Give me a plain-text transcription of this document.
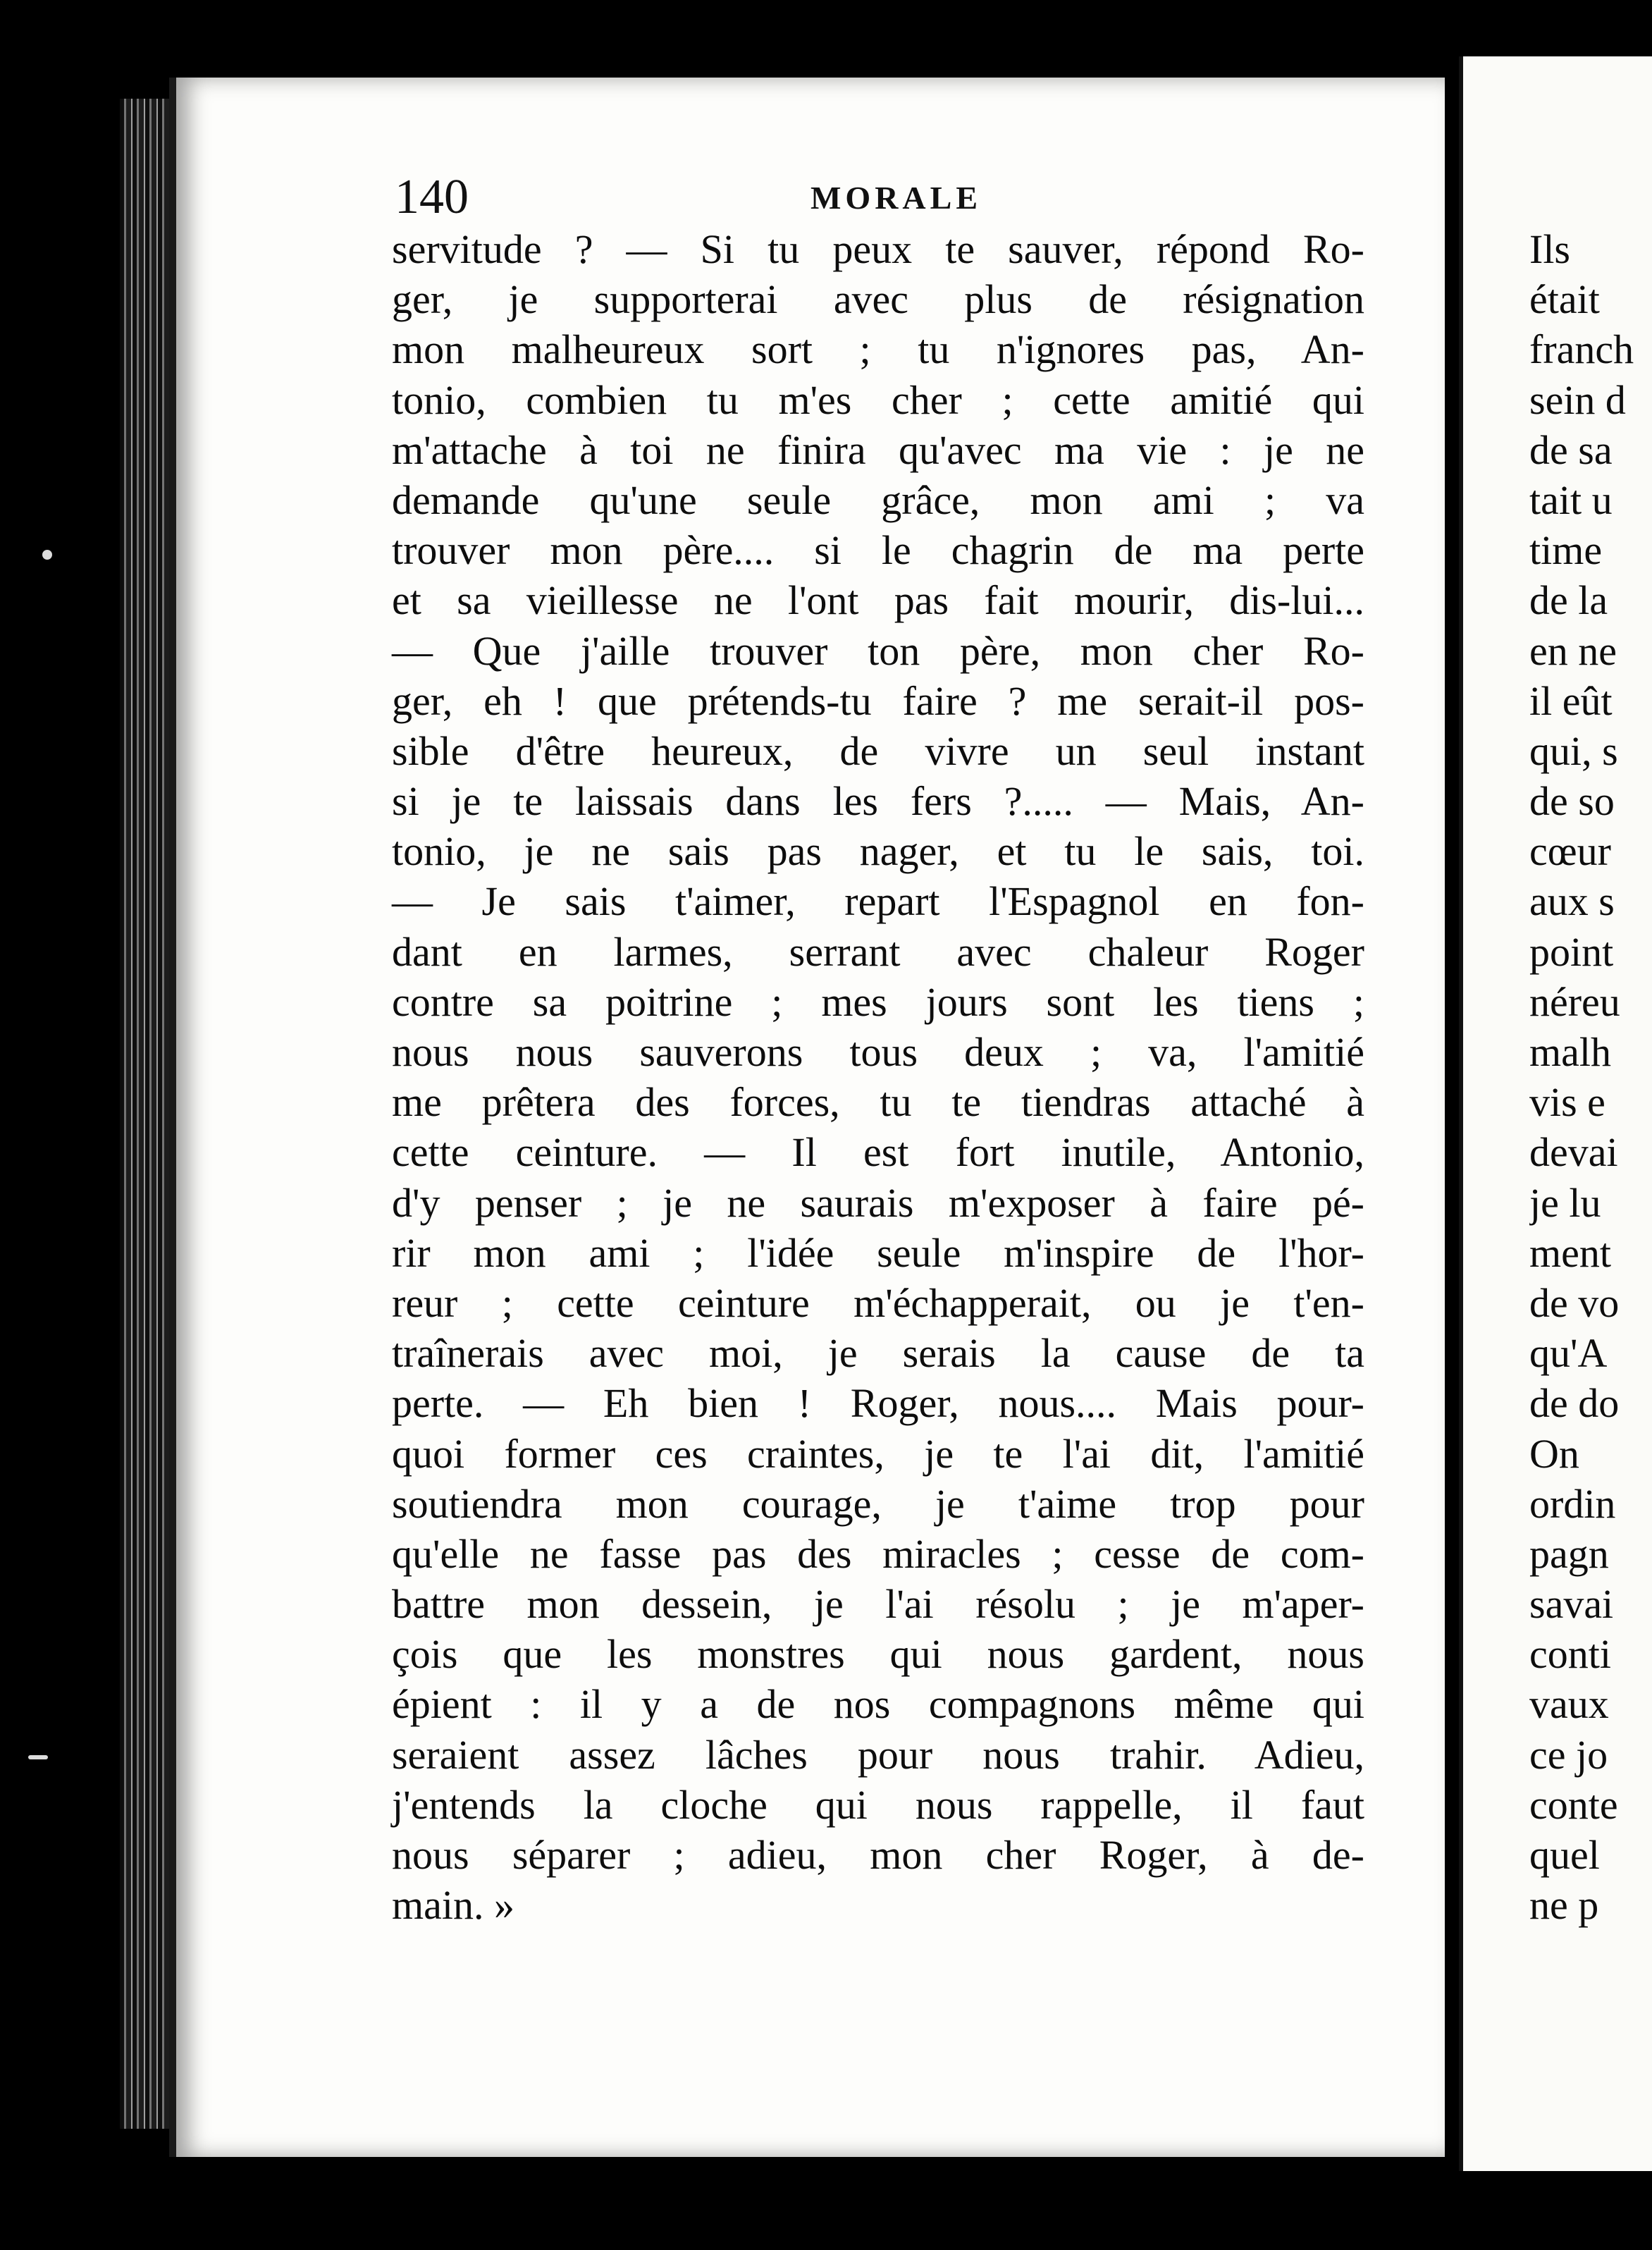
140	MORALE
servitude ? — Si tu peux te sauver, répond Ro-
ger, je supporterai avec plus de résignation
mon malheureux sort ; tu n'ignores pas, An-
tonio, combien tu m'es cher ; cette amitié qui
m'attache à toi ne finira qu'avec ma vie : je ne
demande qu'une seule grâce, mon ami ; va
trouver mon père.... si le chagrin de ma perte
et sa vieillesse ne l'ont pas fait mourir, dis-lui...
— Que j'aille trouver ton père, mon cher Ro-
ger, eh ! que prétends-tu faire ? me serait-il pos-
sible d'être heureux, de vivre un seul instant
si je te laissais dans les fers ?..... — Mais, An-
tonio, je ne sais pas nager, et tu le sais, toi.
— Je sais t'aimer, repart l'Espagnol en fon-
dant en larmes, serrant avec chaleur Roger
contre sa poitrine ; mes jours sont les tiens ;
nous nous sauverons tous deux ; va, l'amitié
me prêtera des forces, tu te tiendras attaché à
cette ceinture. — Il est fort inutile, Antonio,
d'y penser ; je ne saurais m'exposer à faire pé-
rir mon ami ; l'idée seule m'inspire de l'hor-
reur ; cette ceinture m'échapperait, ou je t'en-
traînerais avec moi, je serais la cause de ta
perte. — Eh bien ! Roger, nous.... Mais pour-
quoi former ces craintes, je te l'ai dit, l'amitié
soutiendra mon courage, je t'aime trop pour
qu'elle ne fasse pas des miracles ; cesse de com-
battre mon dessein, je l'ai résolu ; je m'aper-
çois que les monstres qui nous gardent, nous
épient : il y a de nos compagnons même qui
seraient assez lâches pour nous trahir. Adieu,
j'entends la cloche qui nous rappelle, il faut
nous séparer ; adieu, mon cher Roger, à de-
main. »
Ils
était
franch
sein d
de sa
tait u
time
de la
en ne
il eût
qui, s
de so
cœur
aux s
point
néreu
malh
vis e
devai
je lu
ment
de vo
qu'A
de do
On
ordin
pagn
savai
conti
vaux
ce jo
conte
quel
ne p
